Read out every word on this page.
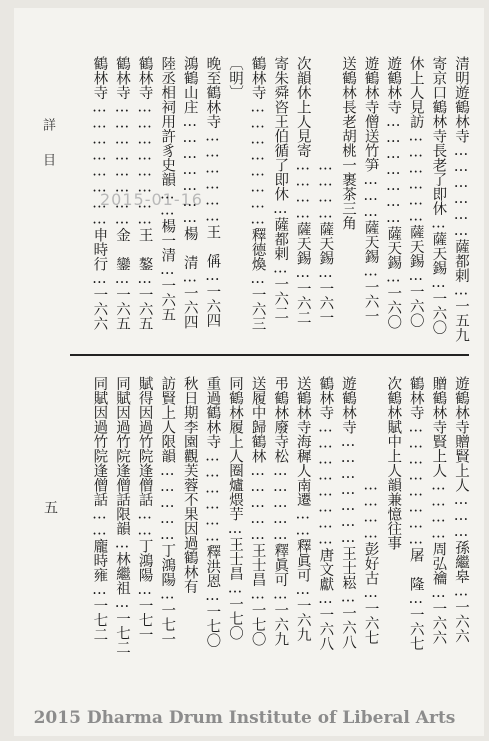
詳目
2015-01-16	清明遊鶴林寺………………薩都剌…一五九
寄京口鶴林寺長老了即休…薩天錫…一六〇
休上人見訪………………薩天錫…一六〇
遊鶴林寺…………………薩天錫…一六〇
遊鶴林寺僧送竹笋………薩天錫…一六一
送鶴林長老胡桃一裹茶三角
　　　　　　　…………薩天錫…一六一
次韻休上人見寄…………薩天錫…一六二
寄朱舜咨王伯循了即休…薩都剌…一六二
鶴林寺……………………釋德煥…一六三
〔明〕
晚至鶴林寺………………王　偁…一六四
鴻鶴山庄…………………楊　清…一六四
陸丞相祠用許豸史韻……楊一清…一六五
鶴林寺……………………王　鏊…一六五
鶴林寺……………………金　鑾…一六五
鶴林寺……………………申時行…一六六
遊鶴林寺贈賢上人………孫繼皋…一六六
贈鶴林寺賢上人…………周弘禴…一六六
鶴林寺……………………屠　隆…一六七
次鶴林賦中上人韻兼憶往事
　　　　　　　…………彭好古…一六七
遊鶴林寺…………………王士崧…一六八
鶴林寺……………………唐文獻…一六八
送鶴林寺海穉人南遷……釋眞可…一六九
弔鶴林廢寺松……………釋眞可…一六九
送履中歸鶴林……………王士昌…一七〇
同鶴林履上人圈爐煨芋…王士昌…一七〇
重過鶴林寺………………釋洪恩…一七〇
秋日期李園觀芙蓉不果因過鶴林有
訪賢上人限韻……………丁鴻陽…一七一
賦得因過竹院逢僧話……丁鴻陽…一七一
同賦因過竹院逢僧話限韻…林繼祖…一七二
同賦因過竹院逢僧話……龐時雍…一七二
五
2015 Dharma Drum Institute of Liberal Arts
